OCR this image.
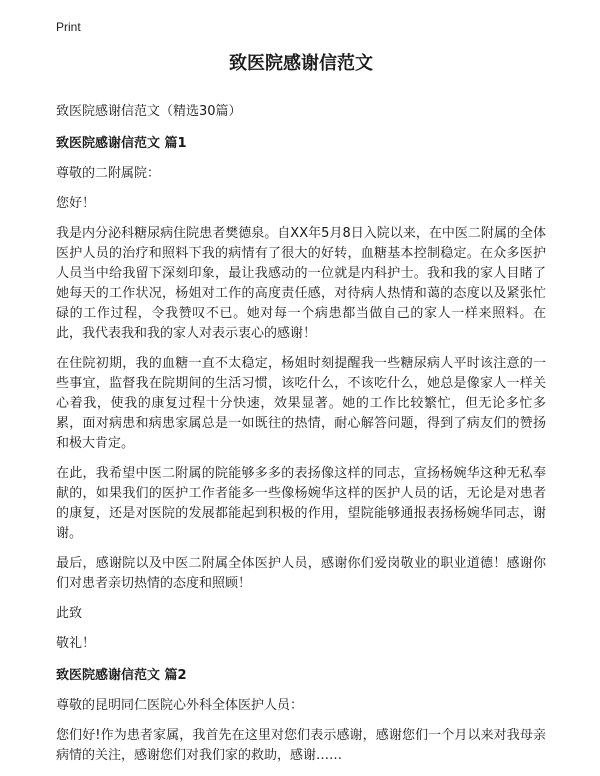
Print
致医院感谢信范文

致医院感谢信范文（精选30篇）

致医院感谢信范文 篇1

尊敬的二附属院：

您好！

我是内分泌科糖尿病住院患者樊德泉。自XX年5月8日入院以来，在中医二附属的全体医护人员的治疗和照料下我的病情有了很大的好转，血糖基本控制稳定。在众多医护人员当中给我留下深刻印象，最让我感动的一位就是内科护士。我和我的家人目睹了她每天的工作状况，杨姐对工作的高度责任感，对待病人热情和蔼的态度以及紧张忙碌的工作过程，令我赞叹不已。她对每一个病患都当做自己的家人一样来照料。在此，我代表我和我的家人对表示衷心的感谢！

在住院初期，我的血糖一直不太稳定，杨姐时刻提醒我一些糖尿病人平时该注意的一些事宜，监督我在院期间的生活习惯，该吃什么，不该吃什么，她总是像家人一样关心着我，使我的康复过程十分快速，效果显著。她的工作比较繁忙，但无论多忙多累，面对病患和病患家属总是一如既往的热情，耐心解答问题，得到了病友们的赞扬和极大肯定。

在此，我希望中医二附属的院能够多多的表扬像这样的同志，宣扬杨婉华这种无私奉献的，如果我们的医护工作者能多一些像杨婉华这样的医护人员的话，无论是对患者的康复，还是对医院的发展都能起到积极的作用，望院能够通报表扬杨婉华同志，谢谢。

最后，感谢院以及中医二附属全体医护人员，感谢你们爱岗敬业的职业道德！感谢你们对患者亲切热情的态度和照顾！

此致

敬礼！

致医院感谢信范文 篇2

尊敬的昆明同仁医院心外科全体医护人员：

您们好!作为患者家属，我首先在这里对您们表示感谢，感谢您们一个月以来对我母亲病情的关注，感谢您们对我们家的救助，感谢……
